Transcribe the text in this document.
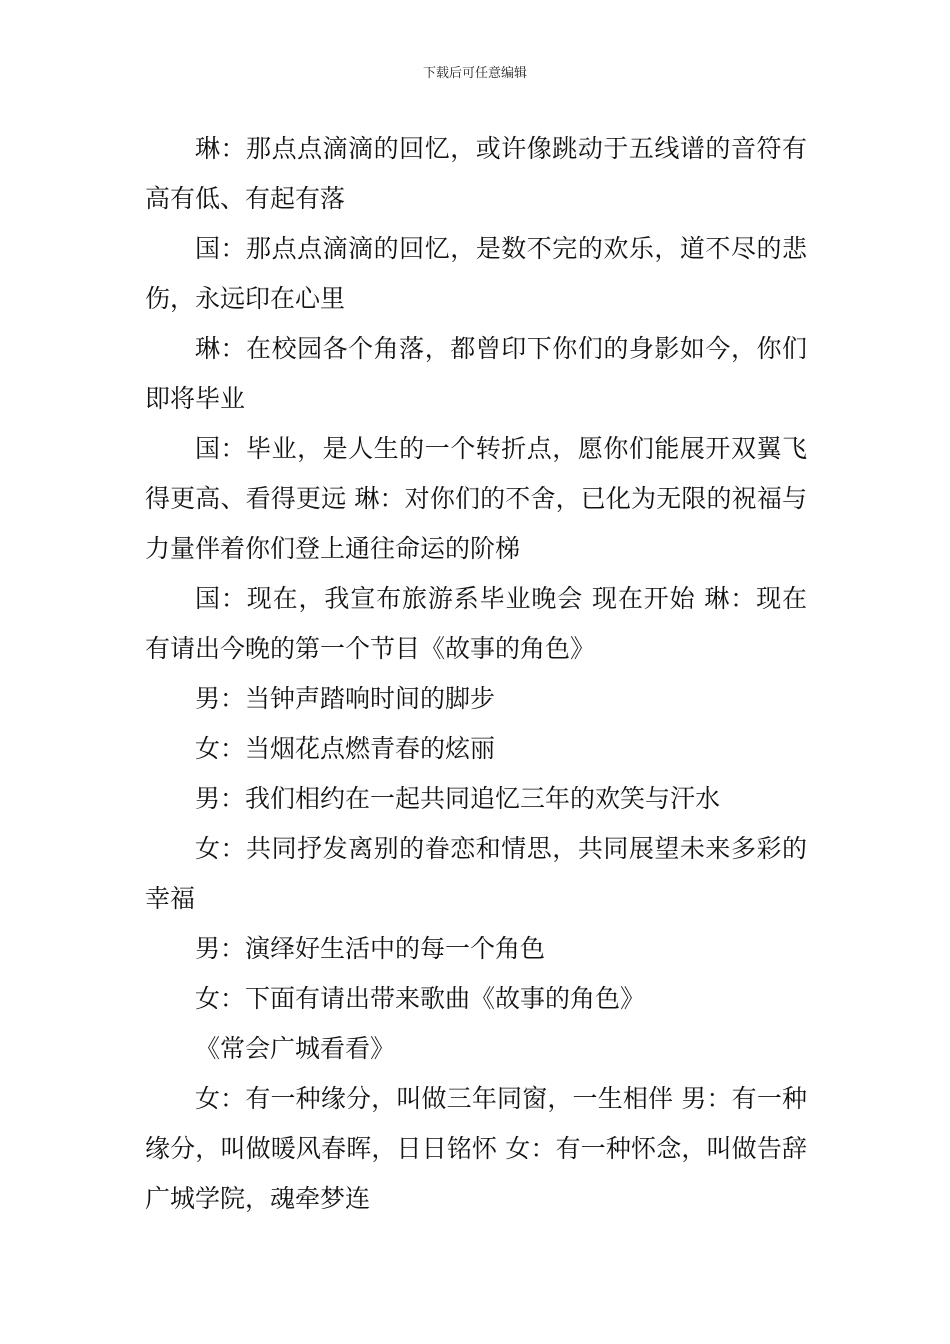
下载后可任意编辑

琳：那点点滴滴的回忆，或许像跳动于五线谱的音符有高有低、有起有落

国：那点点滴滴的回忆，是数不完的欢乐，道不尽的悲伤，永远印在心里

琳：在校园各个角落，都曾印下你们的身影如今，你们即将毕业

国：毕业，是人生的一个转折点，愿你们能展开双翼飞得更高、看得更远 琳：对你们的不舍，已化为无限的祝福与力量伴着你们登上通往命运的阶梯

国：现在，我宣布旅游系毕业晚会 现在开始 琳：现在有请出今晚的第一个节目《故事的角色》

男：当钟声踏响时间的脚步

女：当烟花点燃青春的炫丽

男：我们相约在一起共同追忆三年的欢笑与汗水

女：共同抒发离别的眷恋和情思，共同展望未来多彩的幸福

男：演绎好生活中的每一个角色

女：下面有请出带来歌曲《故事的角色》

《常会广城看看》

女：有一种缘分，叫做三年同窗，一生相伴 男：有一种缘分，叫做暖风春晖，日日铭怀 女：有一种怀念，叫做告辞广城学院，魂牵梦连
